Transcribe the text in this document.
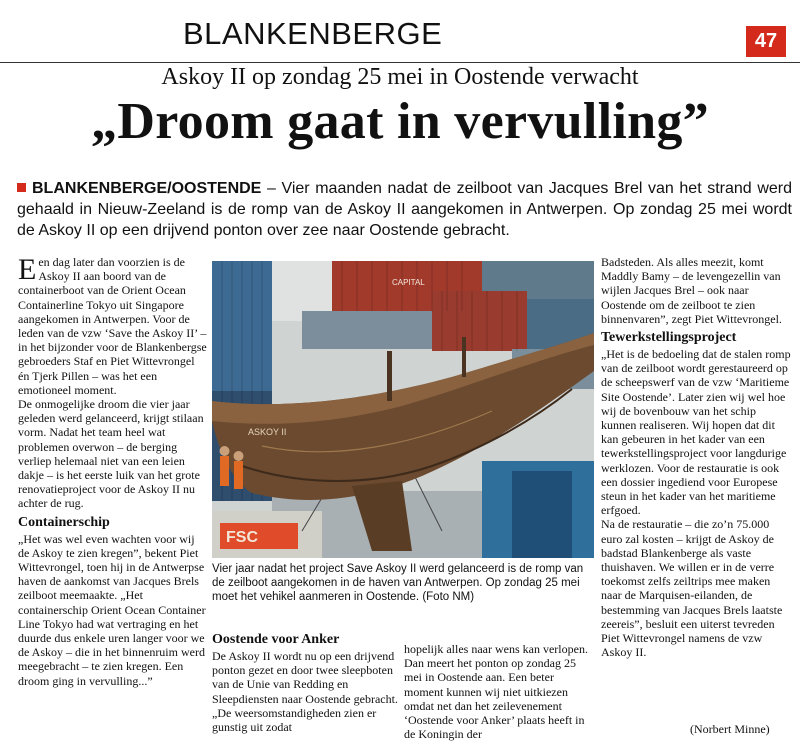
BLANKENBERGE	47
Askoy II op zondag 25 mei in Oostende verwacht
„Droom gaat in vervulling”
BLANKENBERGE/OOSTENDE – Vier maanden nadat de zeilboot van Jacques Brel van het strand werd gehaald in Nieuw-Zeeland is de romp van de Askoy II aangekomen in Antwerpen. Op zondag 25 mei wordt de Askoy II op een drijvend ponton over zee naar Oostende gebracht.

Een dag later dan voorzien is de Askoy II aan boord van de containerboot van de Orient Ocean Containerline Tokyo uit Singapore aangekomen in Antwerpen. Voor de leden van de vzw ‘Save the Askoy II’ – in het bijzonder voor de Blankenbergse gebroeders Staf en Piet Wittevrongel én Tjerk Pillen – was het een emotioneel moment.

De onmogelijke droom die vier jaar geleden werd gelanceerd, krijgt stilaan vorm. Nadat het team heel wat problemen overwon – de berging verliep helemaal niet van een leien dakje – is het eerste luik van het grote renovatieproject voor de Askoy II nu achter de rug.

Containerschip

„Het was wel even wachten voor wij de Askoy te zien kregen”, bekent Piet Wittevrongel, toen hij in de Antwerpse haven de aankomst van Jacques Brels zeilboot meemaakte. „Het containerschip Orient Ocean Container Line Tokyo had wat vertraging en het duurde dus enkele uren langer voor we de Askoy – die in het binnenruim werd meegebracht – te zien kregen. Een droom ging in vervulling...”

CAPITAL
FSC
ASKOY II
Vier jaar nadat het project Save Askoy II werd gelanceerd is de romp van de zeilboot aangekomen in de haven van Antwerpen. Op zondag 25 mei moet het vehikel aanmeren in Oostende. (Foto NM)
Oostende voor Anker

De Askoy II wordt nu op een drijvend ponton gezet en door twee sleepboten van de Unie van Redding en Sleepdiensten naar Oostende gebracht. „De weersomstandigheden zien er gunstig uit zodat

hopelijk alles naar wens kan verlopen. Dan meert het ponton op zondag 25 mei in Oostende aan. Een beter moment kunnen wij niet uitkiezen omdat net dan het zeilevenement ‘Oostende voor Anker’ plaats heeft in de Koningin der

Badsteden. Als alles meezit, komt Maddly Bamy – de levengezellin van wijlen Jacques Brel – ook naar Oostende om de zeilboot te zien binnenvaren”, zegt Piet Wittevrongel.

Tewerkstellingsproject

„Het is de bedoeling dat de stalen romp van de zeilboot wordt gerestaureerd op de scheepswerf van de vzw ‘Maritieme Site Oostende’. Later zien wij wel hoe wij de bovenbouw van het schip kunnen realiseren. Wij hopen dat dit kan gebeuren in het kader van een tewerkstellingsproject voor langdurige werklozen. Voor de restauratie is ook een dossier ingediend voor Europese steun in het kader van het maritieme erfgoed.

Na de restauratie – die zo’n 75.000 euro zal kosten – krijgt de Askoy de badstad Blankenberge als vaste thuishaven. We willen er in de verre toekomst zelfs zeiltrips mee maken naar de Marquisen-eilanden, de bestemming van Jacques Brels laatste zeereis”, besluit een uiterst tevreden Piet Wittevrongel namens de vzw Askoy II.

(Norbert Minne)
